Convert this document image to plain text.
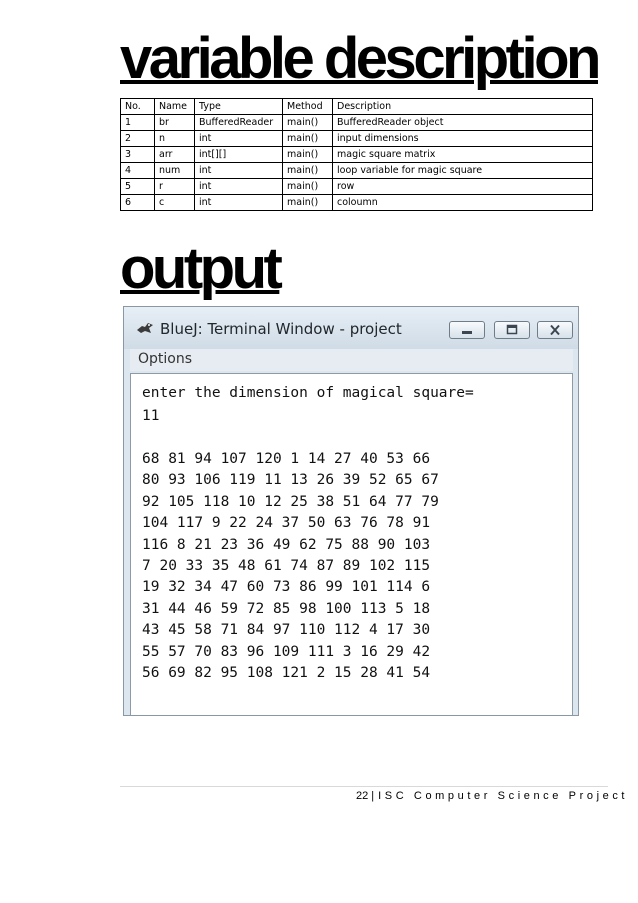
variable description
No.	Name	Type	Method	Description
1	br	BufferedReader	main()	BufferedReader object
2	n	int	main()	input dimensions
3	arr	int[][]	main()	magic square matrix
4	num	int	main()	loop variable for magic square
5	r	int	main()	row
6	c	int	main()	coloumn
output
BlueJ: Terminal Window - project
Options
enter the dimension of magical square=
11
68 81 94 107 120 1 14 27 40 53 66
80 93 106 119 11 13 26 39 52 65 67
92 105 118 10 12 25 38 51 64 77 79
104 117 9 22 24 37 50 63 76 78 91
116 8 21 23 36 49 62 75 88 90 103
7 20 33 35 48 61 74 87 89 102 115
19 32 34 47 60 73 86 99 101 114 6
31 44 46 59 72 85 98 100 113 5 18
43 45 58 71 84 97 110 112 4 17 30
55 57 70 83 96 109 111 3 16 29 42
56 69 82 95 108 121 2 15 28 41 54
22 | ISC Computer Science Project
